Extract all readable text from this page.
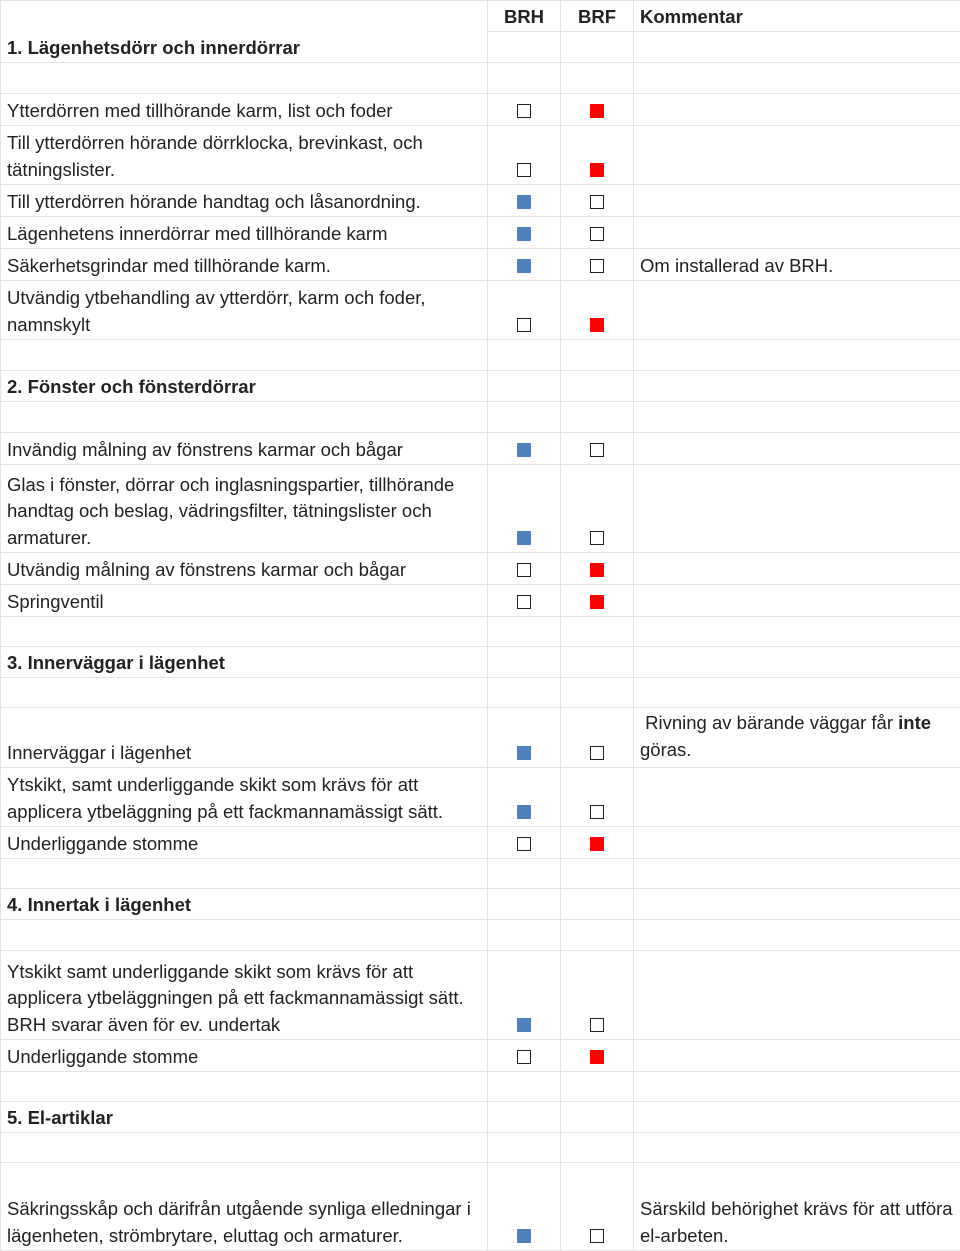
	BRH	BRF	Kommentar
1. Lägenhetsdörr och innerdörrar			

Ytterdörren med tillhörande karm, list och foder			
Till ytterdörren hörande dörrklocka, brevinkast, och tätningslister.			
Till ytterdörren hörande handtag och låsanordning.			
Lägenhetens innerdörrar med tillhörande karm			
Säkerhetsgrindar med tillhörande karm.			Om installerad av BRH.
Utvändig ytbehandling av ytterdörr, karm och foder, namnskylt			

2. Fönster och fönsterdörrar			

Invändig målning av fönstrens karmar och bågar			
Glas i fönster, dörrar och inglasningspartier, tillhörande handtag och beslag, vädringsfilter, tätningslister och armaturer.			
Utvändig målning av fönstrens karmar och bågar			
Springventil			

3. Innerväggar i lägenhet			

Innerväggar i lägenhet			Rivning av bärande väggar får inte göras.
Ytskikt, samt underliggande skikt som krävs för att applicera ytbeläggning på ett fackmannamässigt sätt.			
Underliggande stomme			

4. Innertak i lägenhet			

Ytskikt samt underliggande skikt som krävs för att applicera ytbeläggningen på ett fackmannamässigt sätt. BRH svarar även för ev. undertak			
Underliggande stomme			

5. El-artiklar			

Säkringsskåp och därifrån utgående synliga elledningar i lägenheten, strömbrytare, eluttag och armaturer.			Särskild behörighet krävs för att utföra el-arbeten.
